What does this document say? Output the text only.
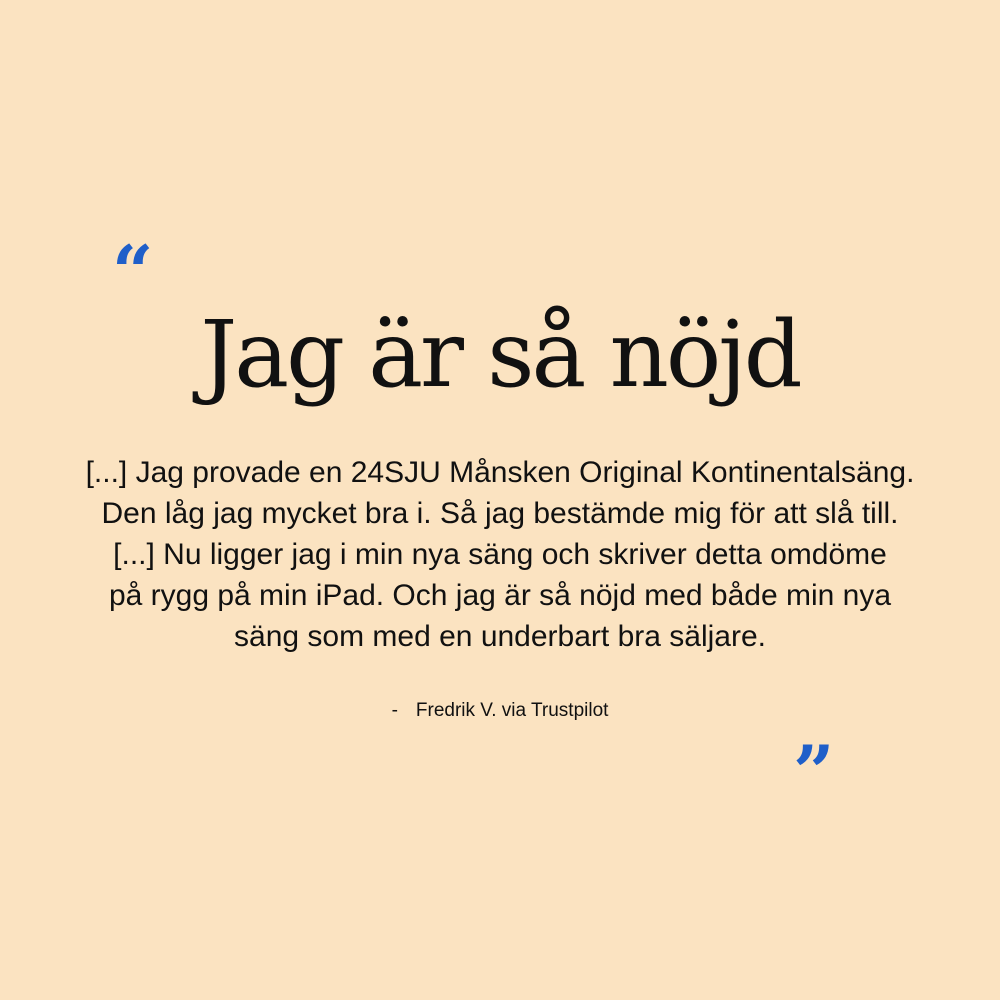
“
Jag är så nöjd
[...] Jag provade en 24SJU Månsken Original Kontinentalsäng.
Den låg jag mycket bra i. Så jag bestämde mig för att slå till.
[...] Nu ligger jag i min nya säng och skriver detta omdöme
på rygg på min iPad. Och jag är så nöjd med både min nya
säng som med en underbart bra säljare.
- Fredrik V. via Trustpilot
”
